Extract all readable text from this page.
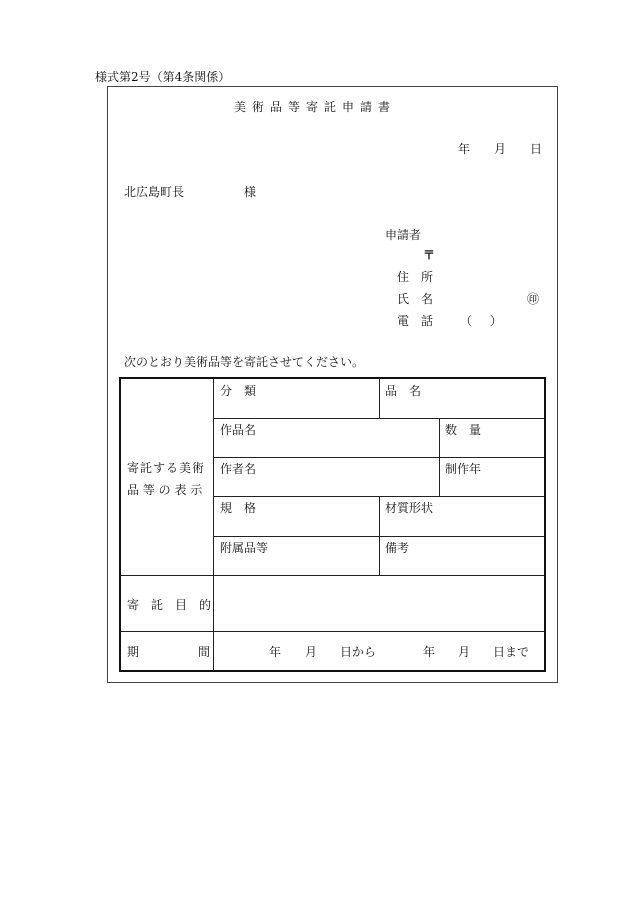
様式第2号（第4条関係）
美術品等寄託申請書
年 月 日
北広島町長	様
申請者
〒
住　所
氏　名	㊞
電　話 （ ）
次のとおり美術品等を寄託させてください。
寄託する美術
品 等 の 表 示
分　類	品　名
作品名	数　量
作者名	制作年
規　格	材質形状
附属品等	備考
寄　託　目　的
期	間	年 月 日から	年 月 日まで
